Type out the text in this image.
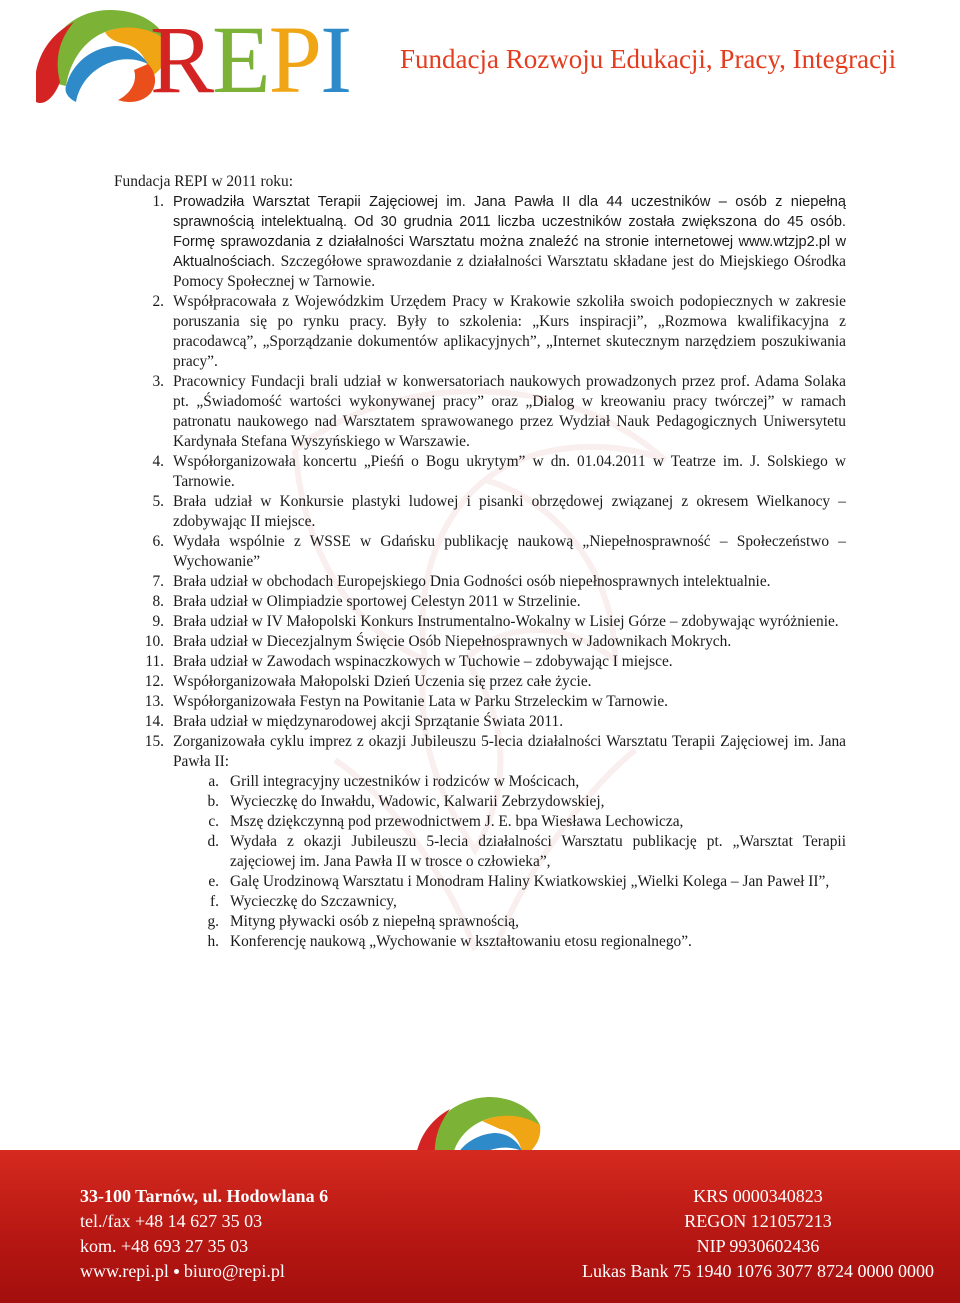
REPI Fundacja Rozwoju Edukacji, Pracy, Integracji

Fundacja REPI w 2011 roku:

1. Prowadziła Warsztat Terapii Zajęciowej im. Jana Pawła II dla 44 uczestników – osób z niepełną sprawnością intelektualną. Od 30 grudnia 2011 liczba uczestników została zwiększona do 45 osób. Formę sprawozdania z działalności Warsztatu można znaleźć na stronie internetowej www.wtzjp2.pl w Aktualnościach. Szczegółowe sprawozdanie z działalności Warsztatu składane jest do Miejskiego Ośrodka Pomocy Społecznej w Tarnowie.
2. Współpracowała z Wojewódzkim Urzędem Pracy w Krakowie szkoliła swoich podopiecznych w zakresie poruszania się po rynku pracy. Były to szkolenia: „Kurs inspiracji”, „Rozmowa kwalifikacyjna z pracodawcą”, „Sporządzanie dokumentów aplikacyjnych”, „Internet skutecznym narzędziem poszukiwania pracy”.
3. Pracownicy Fundacji brali udział w konwersatoriach naukowych prowadzonych przez prof. Adama Solaka pt. „Świadomość wartości wykonywanej pracy” oraz „Dialog w kreowaniu pracy twórczej” w ramach patronatu naukowego nad Warsztatem sprawowanego przez Wydział Nauk Pedagogicznych Uniwersytetu Kardynała Stefana Wyszyńskiego w Warszawie.
4. Współorganizowała koncertu „Pieśń o Bogu ukrytym” w dn. 01.04.2011 w Teatrze im. J. Solskiego w Tarnowie.
5. Brała udział w Konkursie plastyki ludowej i pisanki obrzędowej związanej z okresem Wielkanocy – zdobywając II miejsce.
6. Wydała wspólnie z WSSE w Gdańsku publikację naukową „Niepełnosprawność – Społeczeństwo – Wychowanie”
7. Brała udział w obchodach Europejskiego Dnia Godności osób niepełnosprawnych intelektualnie.
8. Brała udział w Olimpiadzie sportowej Celestyn 2011 w Strzelinie.
9. Brała udział w IV Małopolski Konkurs Instrumentalno-Wokalny w Lisiej Górze – zdobywając wyróżnienie.
10. Brała udział w Diecezjalnym Święcie Osób Niepełnosprawnych w Jadownikach Mokrych.
11. Brała udział w Zawodach wspinaczkowych w Tuchowie – zdobywając I miejsce.
12. Współorganizowała Małopolski Dzień Uczenia się przez całe życie.
13. Współorganizowała Festyn na Powitanie Lata w Parku Strzeleckim w Tarnowie.
14. Brała udział w międzynarodowej akcji Sprzątanie Świata 2011.
15. Zorganizowała cyklu imprez z okazji Jubileuszu 5-lecia działalności Warsztatu Terapii Zajęciowej im. Jana Pawła II:
a. Grill integracyjny uczestników i rodziców w Mościcach,
b. Wycieczkę do Inwałdu, Wadowic, Kalwarii Zebrzydowskiej,
c. Mszę dziękczynną pod przewodnictwem J. E. bpa Wiesława Lechowicza,
d. Wydała z okazji Jubileuszu 5-lecia działalności Warsztatu publikację pt. „Warsztat Terapii zajęciowej im. Jana Pawła II w trosce o człowieka”,
e. Galę Urodzinową Warsztatu i Monodram Haliny Kwiatkowskiej „Wielki Kolega – Jan Paweł II”,
f. Wycieczkę do Szczawnicy,
g. Mityng pływacki osób z niepełną sprawnością,
h. Konferencję naukową „Wychowanie w kształtowaniu etosu regionalnego”.
33-100 Tarnów, ul. Hodowlana 6
tel./fax +48 14 627 35 03
kom. +48 693 27 35 03
www.repi.pl biuro@repi.pl
KRS 0000340823
REGON 121057213
NIP 9930602436
Lukas Bank 75 1940 1076 3077 8724 0000 0000
